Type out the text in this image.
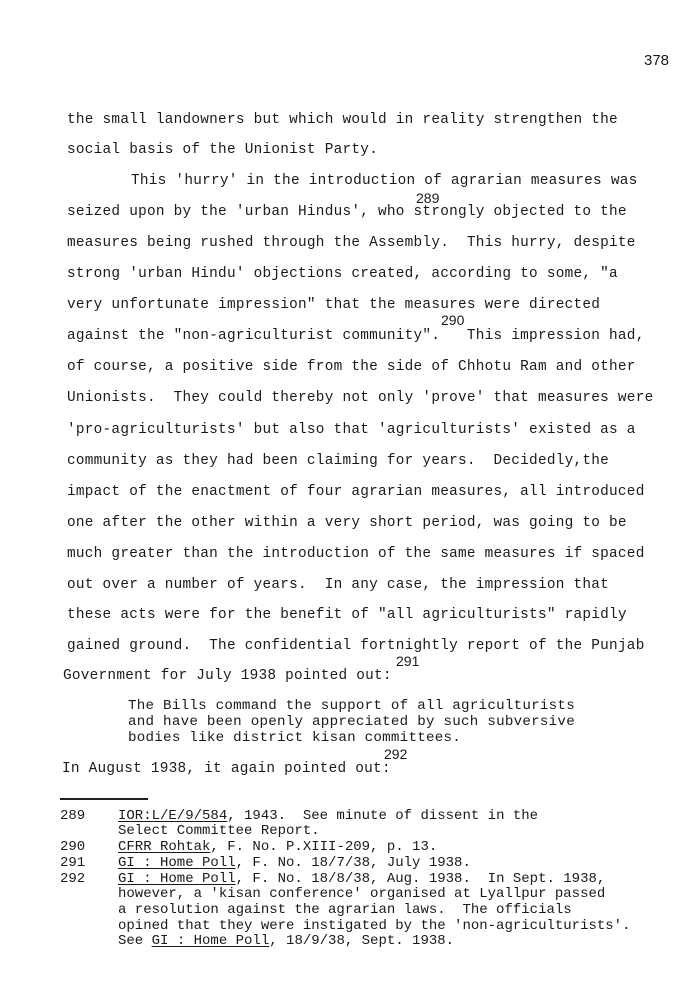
378
the small landowners but which would in reality strengthen the
social basis of the Unionist Party.
This 'hurry' in the introduction of agrarian measures was
seized upon by the 'urban Hindus', who strongly objected to the
measures being rushed through the Assembly.  This hurry, despite
strong 'urban Hindu' objections created, according to some, "a
very unfortunate impression" that the measures were directed
against the "non-agriculturist community".   This impression had,
of course, a positive side from the side of Chhotu Ram and other
Unionists.  They could thereby not only 'prove' that measures were
'pro-agriculturists' but also that 'agriculturists' existed as a
community as they had been claiming for years.  Decidedly,the
impact of the enactment of four agrarian measures, all introduced
one after the other within a very short period, was going to be
much greater than the introduction of the same measures if spaced
out over a number of years.  In any case, the impression that
these acts were for the benefit of "all agriculturists" rapidly
gained ground.  The confidential fortnightly report of the Punjab
Government for July 1938 pointed out:
289
290
291
292
The Bills command the support of all agriculturists
and have been openly appreciated by such subversive
bodies like district kisan committees.
In August 1938, it again pointed out:
289 IOR:L/E/9/584, 1943.  See minute of dissent in the
Select Committee Report.
290 CFRR Rohtak, F. No. P.XIII-209, p. 13.
291 GI : Home Poll, F. No. 18/7/38, July 1938.
292 GI : Home Poll, F. No. 18/8/38, Aug. 1938.  In Sept. 1938,
however, a 'kisan conference' organised at Lyallpur passed
a resolution against the agrarian laws.  The officials
opined that they were instigated by the 'non-agriculturists'.
See GI : Home Poll, 18/9/38, Sept. 1938.
